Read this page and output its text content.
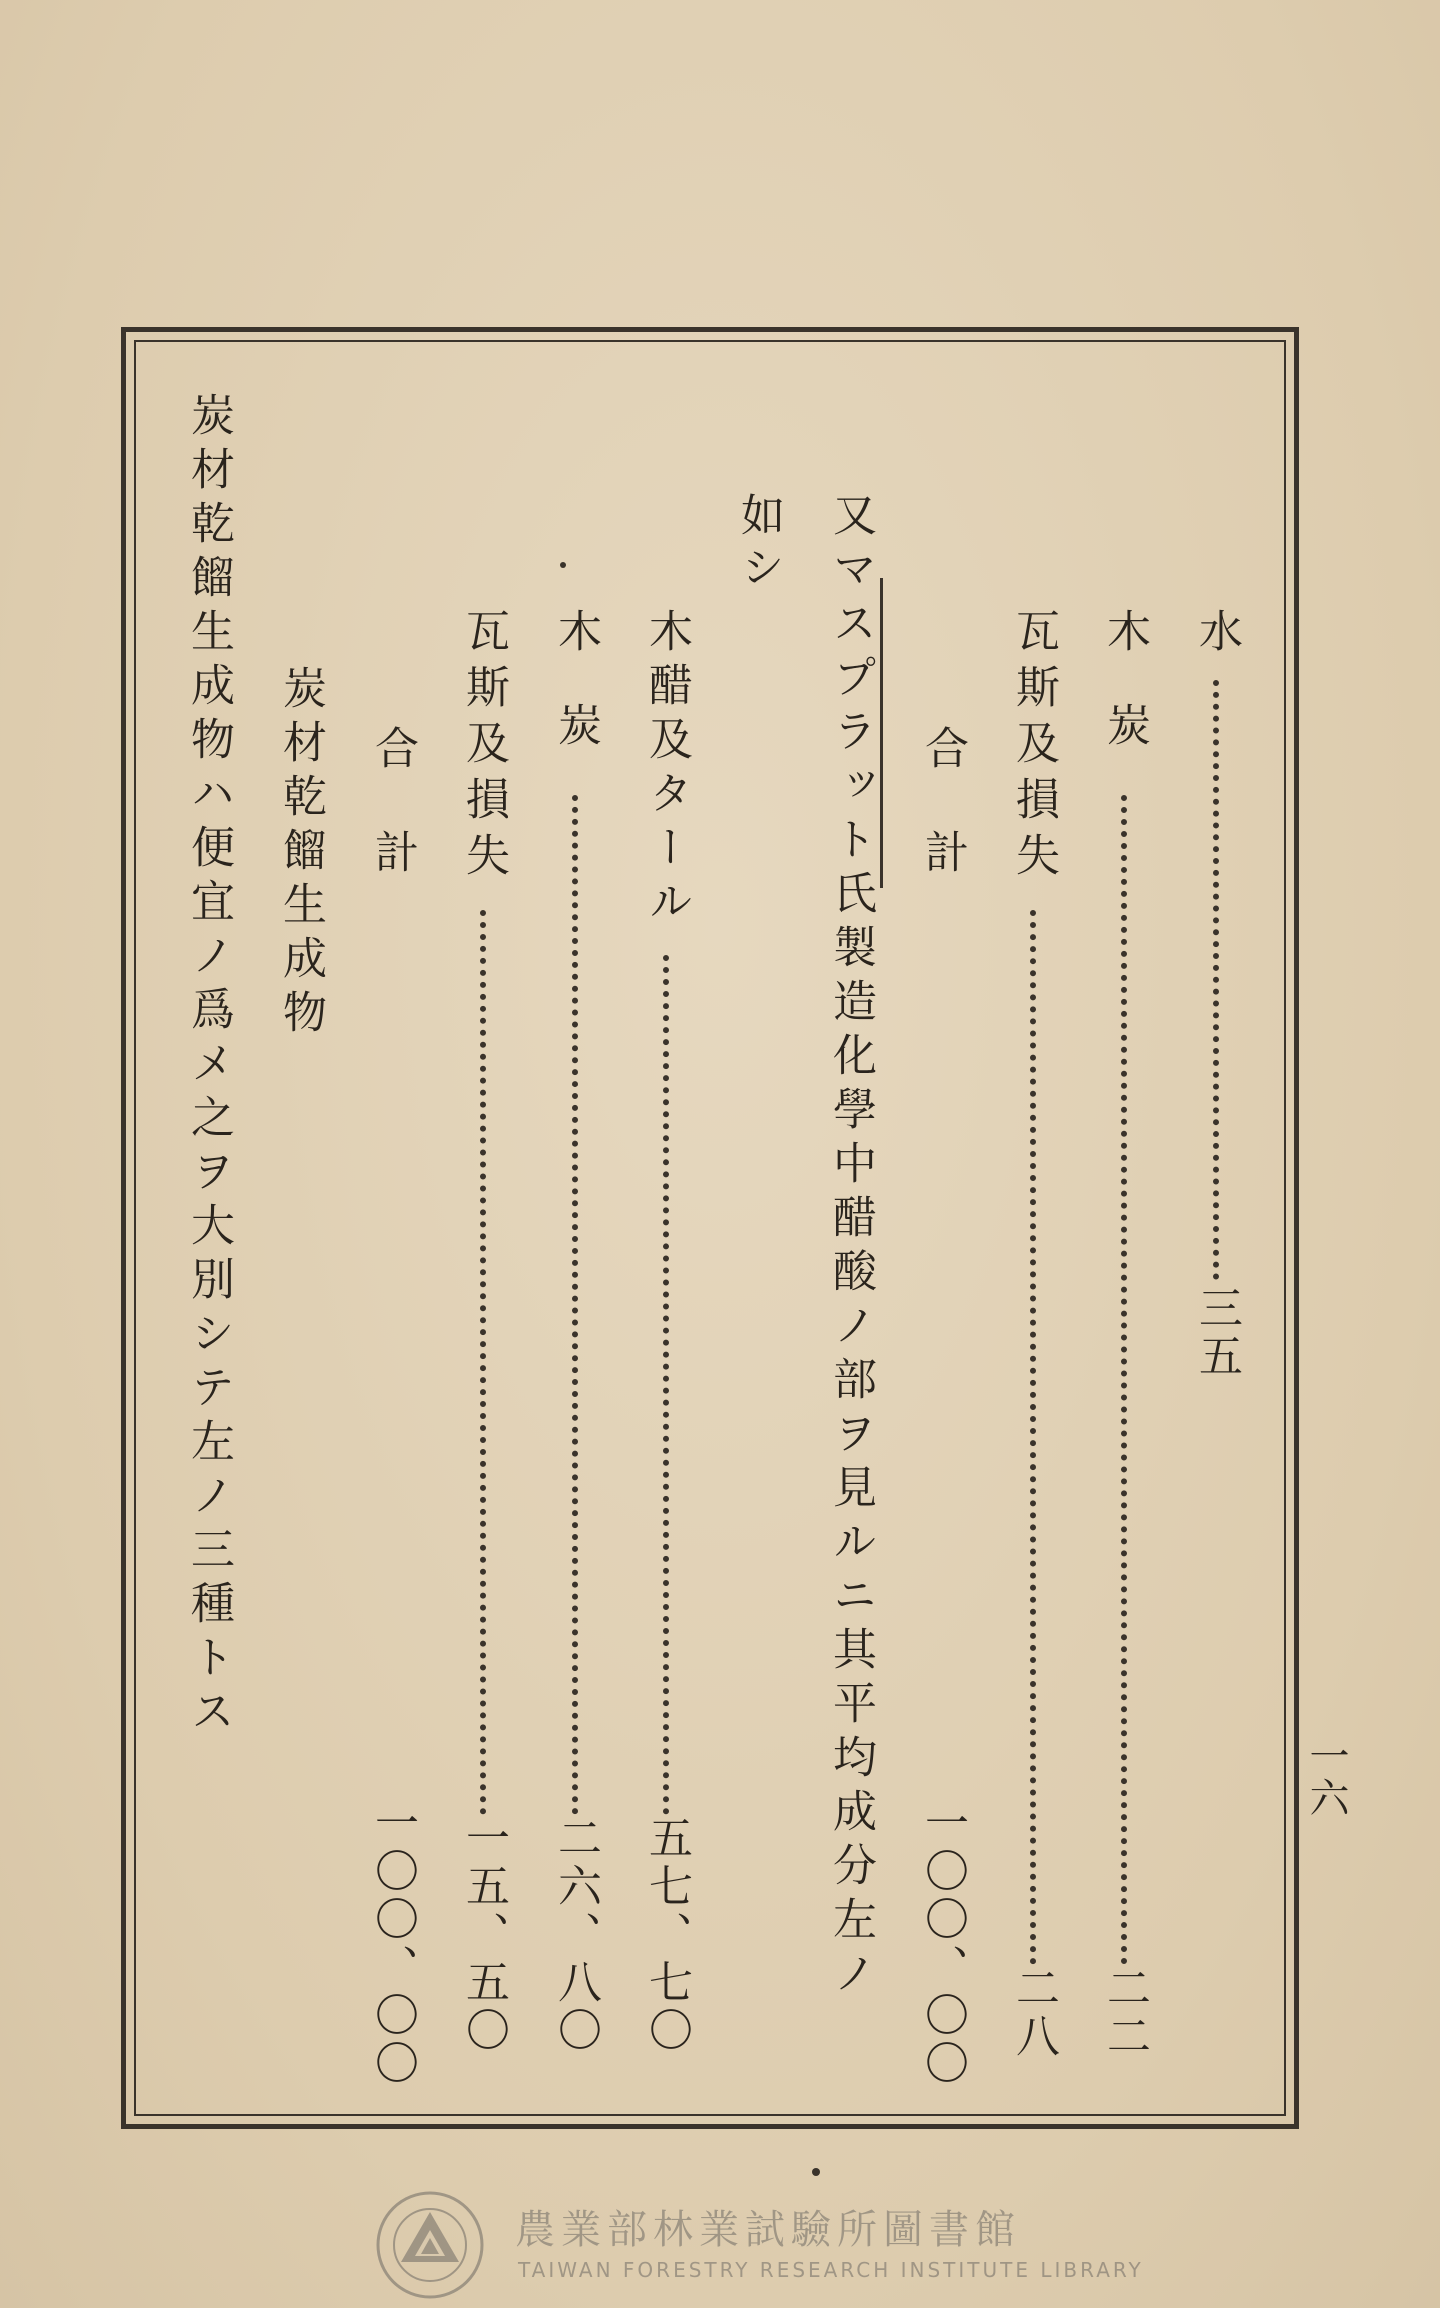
水
三五
木炭
二二
瓦斯及損失
二八
合計
一〇〇、〇〇
又マスプラット氏製造化學中醋酸ノ部ヲ見ルニ其平均成分左ノ
如シ
木醋及タール
五七、七〇
木炭
二六、八〇
瓦斯及損失
一五、五〇
合計
一〇〇、〇〇
炭材乾餾生成物
炭材乾餾生成物ハ便宜ノ爲メ之ヲ大別シテ左ノ三種トス
一六
農業部林業試驗所圖書館
TAIWAN FORESTRY RESEARCH INSTITUTE LIBRARY
